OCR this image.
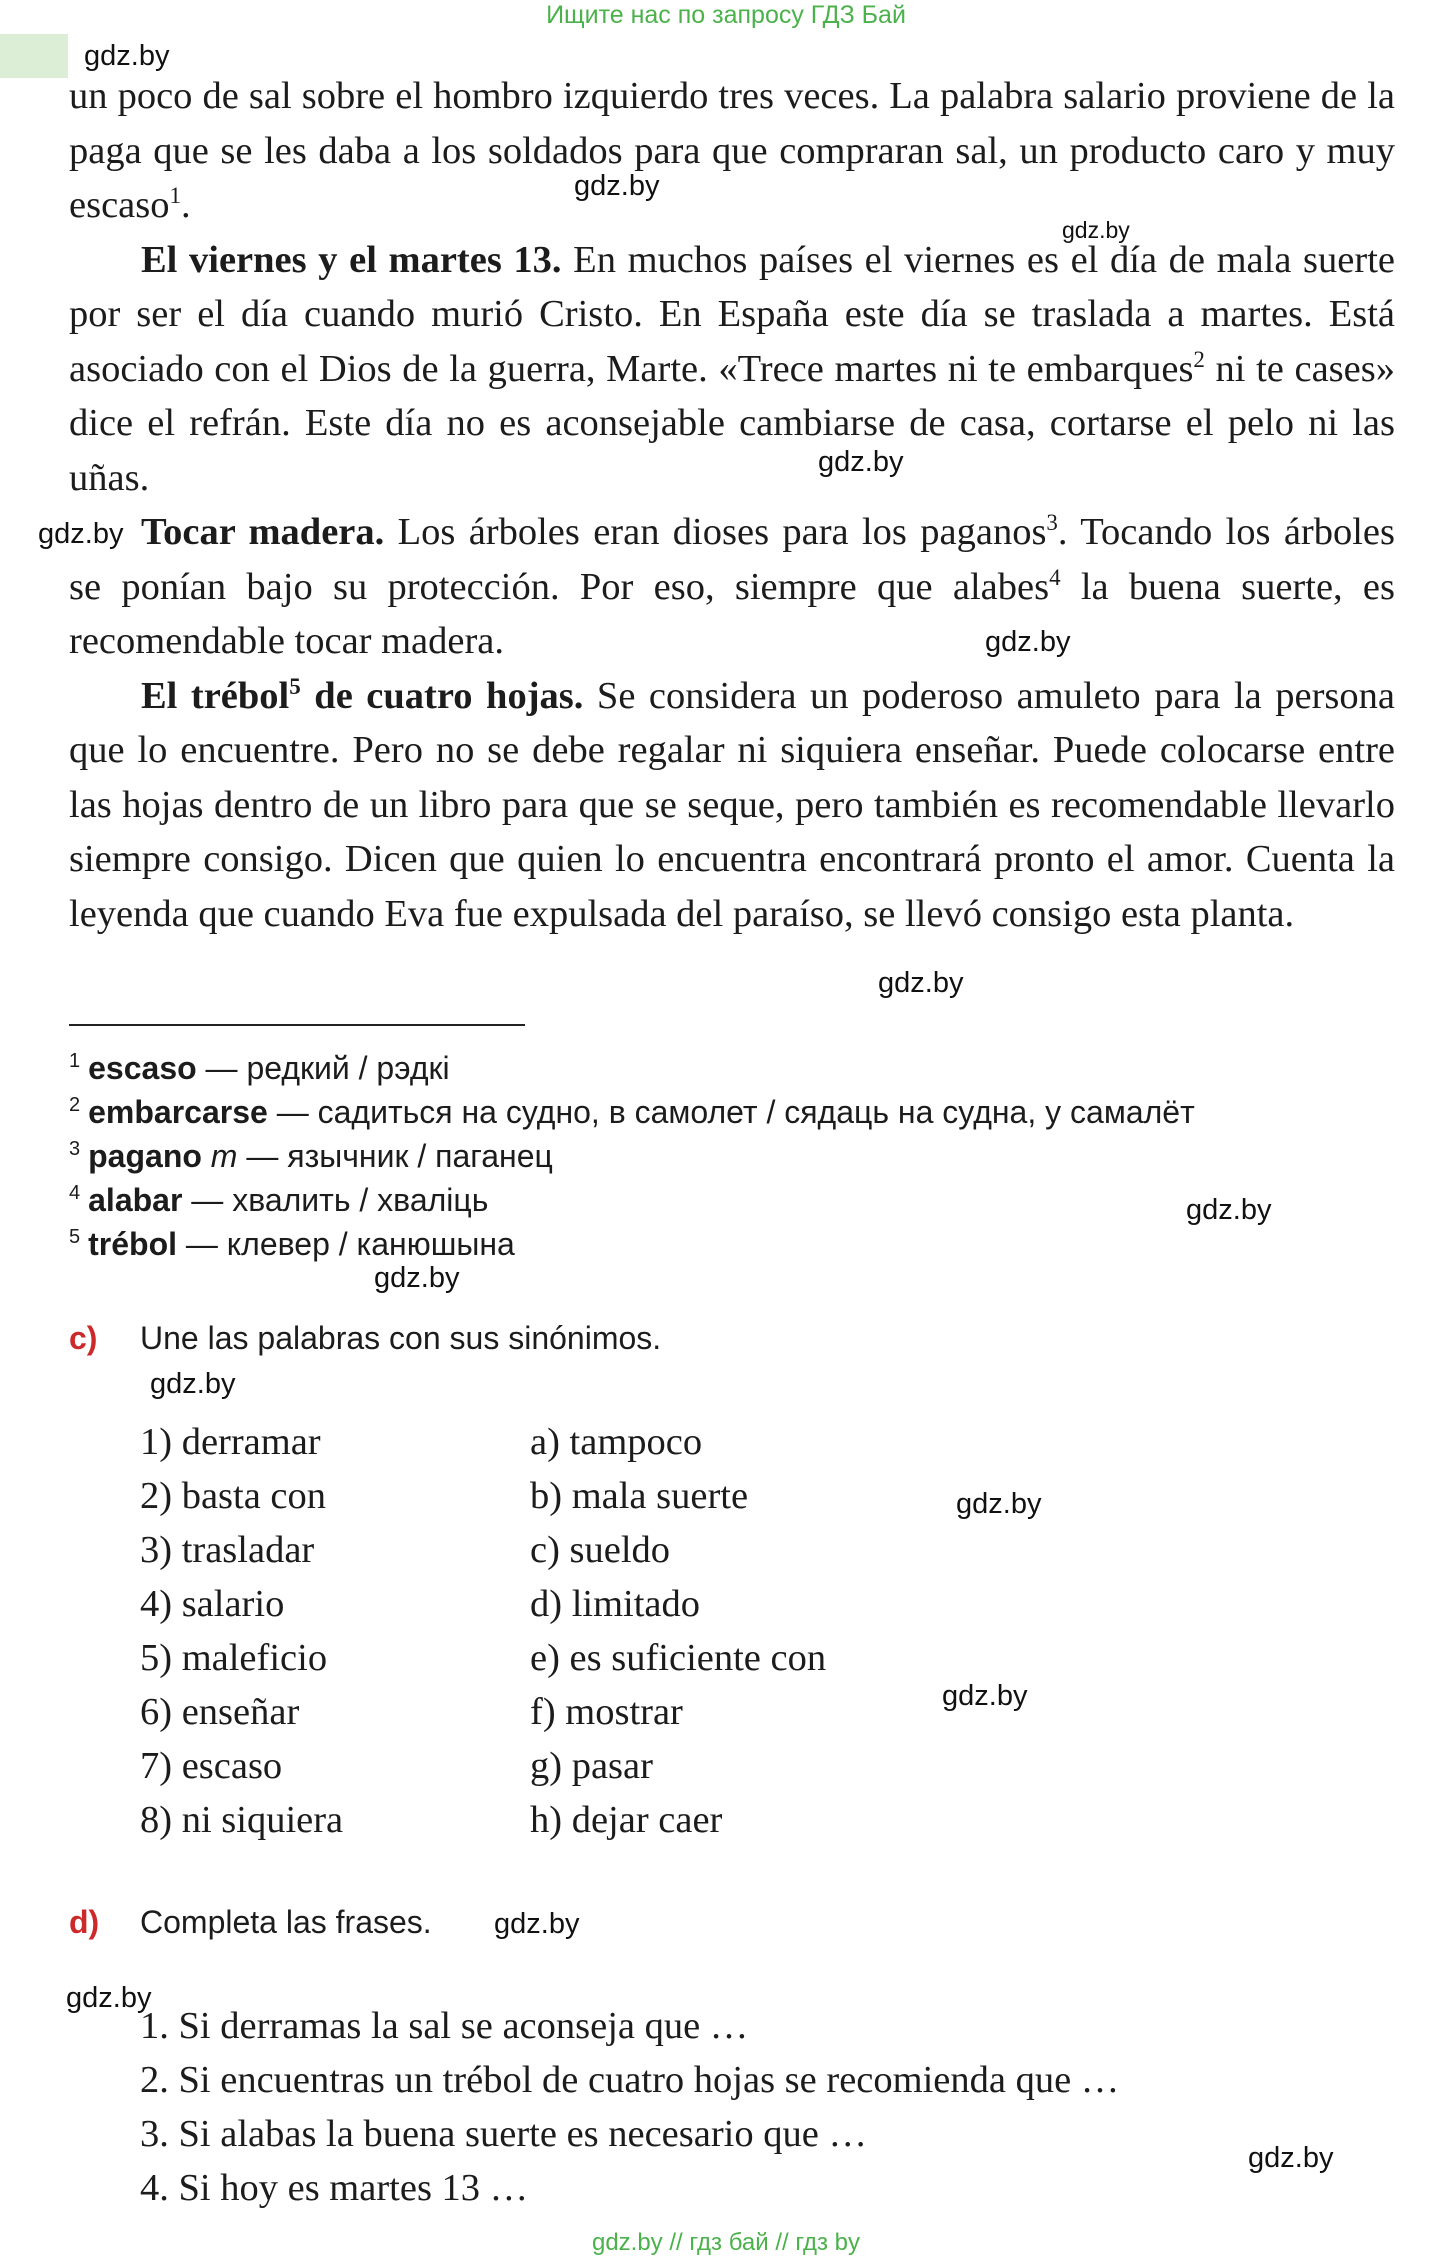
Ищите нас по запросу ГДЗ Бай
gdz.by
gdz.by
gdz.by
gdz.by
gdz.by
gdz.by
gdz.by
gdz.by
gdz.by
gdz.by
gdz.by
gdz.by
gdz.by
gdz.by
gdz.by

un poco de sal sobre el hombro izquierdo tres veces. La palabra salario proviene de la paga que se les daba a los soldados para que compraran sal, un producto caro y muy escaso$^1$.

El viernes y el martes 13. En muchos países el viernes es el día de mala suerte por ser el día cuando murió Cristo. En España este día se traslada a martes. Está asociado con el Dios de la guerra, Marte. «Trece martes ni te embarques$^2$ ni te cases» dice el refrán. Este día no es aconsejable cambiarse de casa, cortarse el pelo ni las uñas.

Tocar madera. Los árboles eran dioses para los paganos$^3$. Tocando los árboles se ponían bajo su protección. Por eso, siempre que alabes$^4$ la buena suerte, es recomendable tocar madera.

El trébol$^5$ de cuatro hojas. Se considera un poderoso amuleto para la persona que lo encuentre. Pero no se debe regalar ni siquiera enseñar. Puede colocarse entre las hojas dentro de un libro para que se seque, pero también es recomendable llevarlo siempre consigo. Dicen que quien lo encuentra encontrará pronto el amor. Cuenta la leyenda que cuando Eva fue expulsada del paraíso, se llevó consigo esta planta.

$^1$ escaso — редкий / рэдкі
$^2$ embarcarse — садиться на судно, в самолет / сядаць на судна, у самалёт
$^3$ pagano m — язычник / паганец
$^4$ alabar — хвалить / хваліць
$^5$ trébol — клевер / канюшына
c) Une las palabras con sus sinónimos.
1) derramar
2) basta con
3) trasladar
4) salario
5) maleficio
6) enseñar
7) escaso
8) ni siquiera
a) tampoco
b) mala suerte
c) sueldo
d) limitado
e) es suficiente con
f) mostrar
g) pasar
h) dejar caer
d) Completa las frases.
1. Si derramas la sal se aconseja que …
2. Si encuentras un trébol de cuatro hojas se recomienda que …
3. Si alabas la buena suerte es necesario que …
4. Si hoy es martes 13 …
gdz.by // гдз бай // гдз by
